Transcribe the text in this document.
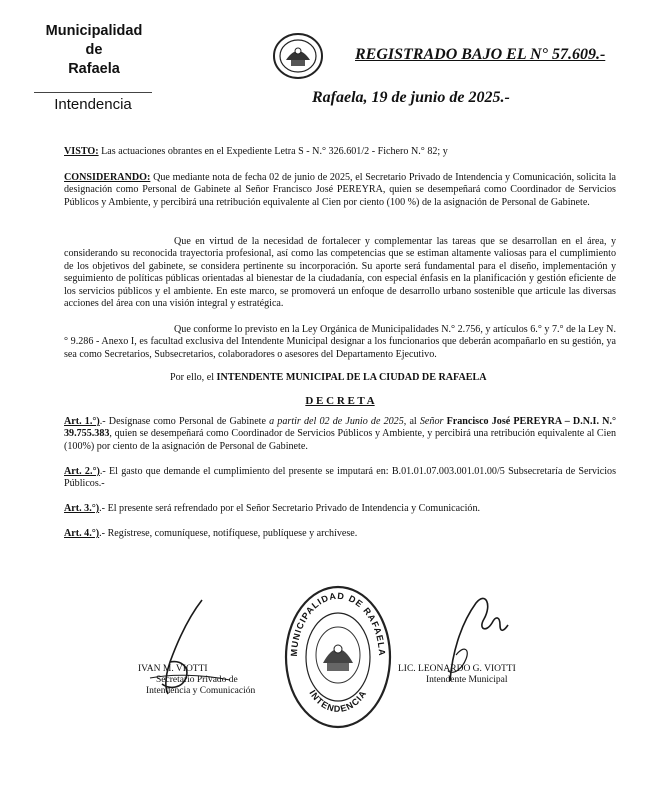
Municipalidad
de
Rafaela
Intendencia
REGISTRADO BAJO EL N° 57.609.-
Rafaela, 19 de junio de 2025.-
VISTO: Las actuaciones obrantes en el Expediente Letra S - N.° 326.601/2 - Fichero N.° 82; y
CONSIDERANDO: Que mediante nota de fecha 02 de junio de 2025, el Secretario Privado de Intendencia y Comunicación, solicita la designación como Personal de Gabinete al Señor Francisco José PEREYRA, quien se desempeñará como Coordinador de Servicios Públicos y Ambiente, y percibirá una retribución equivalente al Cien por ciento (100 %) de la asignación de Personal de Gabinete.
Que en virtud de la necesidad de fortalecer y complementar las tareas que se desarrollan en el área, y considerando su reconocida trayectoria profesional, así como las competencias que se estiman altamente valiosas para el cumplimiento de los objetivos del gabinete, se considera pertinente su incorporación. Su aporte será fundamental para el diseño, implementación y seguimiento de políticas públicas orientadas al bienestar de la ciudadanía, con especial énfasis en la planificación y gestión eficiente de los servicios públicos y el ambiente. En este marco, se promoverá un enfoque de desarrollo urbano sostenible que articule las diversas acciones del área con una visión integral y estratégica.
Que conforme lo previsto en la Ley Orgánica de Municipalidades N.° 2.756, y artículos 6.° y 7.° de la Ley N.° 9.286 - Anexo I, es facultad exclusiva del Intendente Municipal designar a los funcionarios que deberán acompañarlo en su gestión, ya sea como Secretarios, Subsecretarios, colaboradores o asesores del Departamento Ejecutivo.
Por ello, el INTENDENTE MUNICIPAL DE LA CIUDAD DE RAFAELA
D E C R E T A
Art. 1.°).- Desígnase como Personal de Gabinete a partir del 02 de Junio de 2025, al Señor Francisco José PEREYRA – D.N.I. N.° 39.755.383, quien se desempeñará como Coordinador de Servicios Públicos y Ambiente, y percibirá una retribución equivalente al Cien (100%) por ciento de la asignación de Personal de Gabinete.
Art. 2.°).- El gasto que demande el cumplimiento del presente se imputará en: B.01.01.07.003.001.01.00/5 Subsecretaría de Servicios Públicos.-
Art. 3.°).- El presente será refrendado por el Señor Secretario Privado de Intendencia y Comunicación.
Art. 4.°).- Regístrese, comuníquese, notifíquese, publíquese y archívese.
IVAN M. VIOTTI
Secretario Privado de
Intendencia y Comunicación
MUNICIPALIDAD DE RAFAELA
INTENDENCIA
LIC. LEONARDO G. VIOTTI
Intendente Municipal
